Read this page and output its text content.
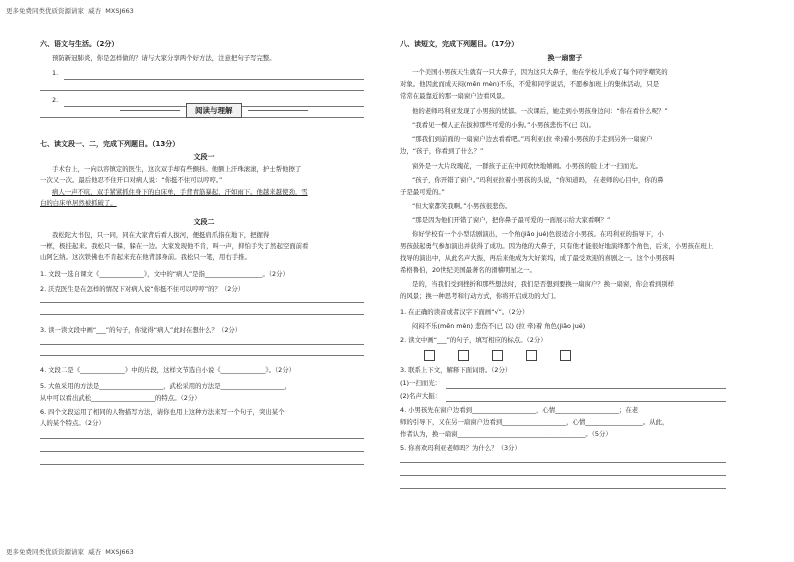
更多免费同类优质资源请家  威杏  MXSJ663
六、语文与生活。（2分）
预防新冠肺炎，你是怎样做的？请与大家分享两个好方法，注意把句子写完整。
1.
2.
阅读与理解
七、读文段一、二，完成下列题目。（13分）
文段一
手术台上，一向以容镇定的医生，这次双手却有些颤抖。他额上汗珠滚滚，护士帮他擦了
一次又一次。最后他忍不住开口对病人说：“你挺不住可以哼哼。”
病人一声不吭，双手紧紧抓住身下的白床单，手背青筋暴起，汗如雨下。他越来越使劲，雪
白的白床单居然被抓破了。
文段二
我松陀大书包，只一同，同在大家背后看人拔河，便挺肩爪指在地下，把握得
一框，极挂起来。我松只一躲，躲在一边。大家发现他不肯，叫一声，抑怕手失了然起空面前看
山阿乞纳。这次铁佛也不肯起来充在他背部身前。我松只一笔，用右手推。
1. 文段一选自课文《______________》，文中的“病人”是指__________________。（2分）
2. 沃克医生是在怎样的情况下对病人说“你挺不住可以哼哼”的？（2分）
3. 读一读文段中画“___”的句子，你觉得“病人”此时在想什么？（2分）
4. 文段二是《______________》中的片段，这样文节选自小说《______________》。（2分）
5. 大鱼采用的方法是____________________，武松采用的方法是____________________，
从中可以看出武松____________________的特点。（2分）
6. 四个文段运用了相同的人物描写方法，请你也用上这种方法来写一个句子，突出某个
人的某个特点。（2分）
八、读短文，完成下列题目。（17分）
换一扇窗子
一个美国小男孩天生就有一只大鼻子，因为这只大鼻子，他在学校儿乎成了每个同学嘲笑的
对象。他因此而成天闷(mēn mèn)不乐，不爱和同学说话，不愿参加班上的集体活动，只是
常常在最靠近的那一扇窗户边看风景。
他的老师玛利亚发现了小男孩的忧郁。一次课后，她走到小男孩身边问：“你在看什么呢？”
“我看见一棵人正在拔掉那些可爱的小狗。”小男孩悲伤不(已 以)。
“那我们到前面的一扇窗户边去看看吧。”玛利亚(拉 牵)着小男孩的手走到另外一扇窗户
边，“孩子，你看到了什么？”
窗外是一大片玫瑰花，一群孩子正在中间欢快地嬉闹。小男孩的脸上才一扫而光。
“孩子，你开错了窗户。”玛利亚拉着小男孩的头说，“你知道吗， 在老师的心目中，你的鼻
子是最可爱的。”
“但大家都笑我啊。”小男孩很悲伤。
“那是因为他们开错了窗户，把你鼻子最可爱的一面展示给大家看啊？”
你好学校有一个小型话剧演出，一个角(jiǎo jué)色很适合小男孩。在玛利亚的指导下，小
男孩鼓起勇气参加演出并获得了成功。因为他的大鼻子，只有他才能很好地演绎那个角色，后来，小男孩在班上
找导的演出中，从此名声大振，再后来他成为大好莱坞，成了最受欢迎的喜剧之一。这个小男孩叫
希格鲁伯，20世纪美国最著名的滑稽明星之一。
是的，当我们受到挫折和那些想法时，我们是否想到要换一扇窗户？换一扇窗，你会看到别样
的风景；换一种思考和行动方式，你将开启成功的大门。
1. 在正确的读音或者汉字下面画“√”。（2分）
闷闷不乐(mēn mèn) 悲伤不(已 以) (拉 牵)着 角色(jiǎo jué)
2. 读文中画“___”的句子，填写相应的标点。（2分）
3. 联系上下文，解释下面词语。（2分）
(1)一扫而光：
(2)名声大振：
4. 小男孩先在窗户边看到____________________，心情____________________；在老
师的引导下，又在另一扇窗户边看到____________________，心情__________________。从此，
作者认为，换一扇窗________________________________________。（5分）
5. 你喜欢玛利亚老师吗？为什么？（3分）
更多免费同类优质资源请家  威杏  MXSJ663
